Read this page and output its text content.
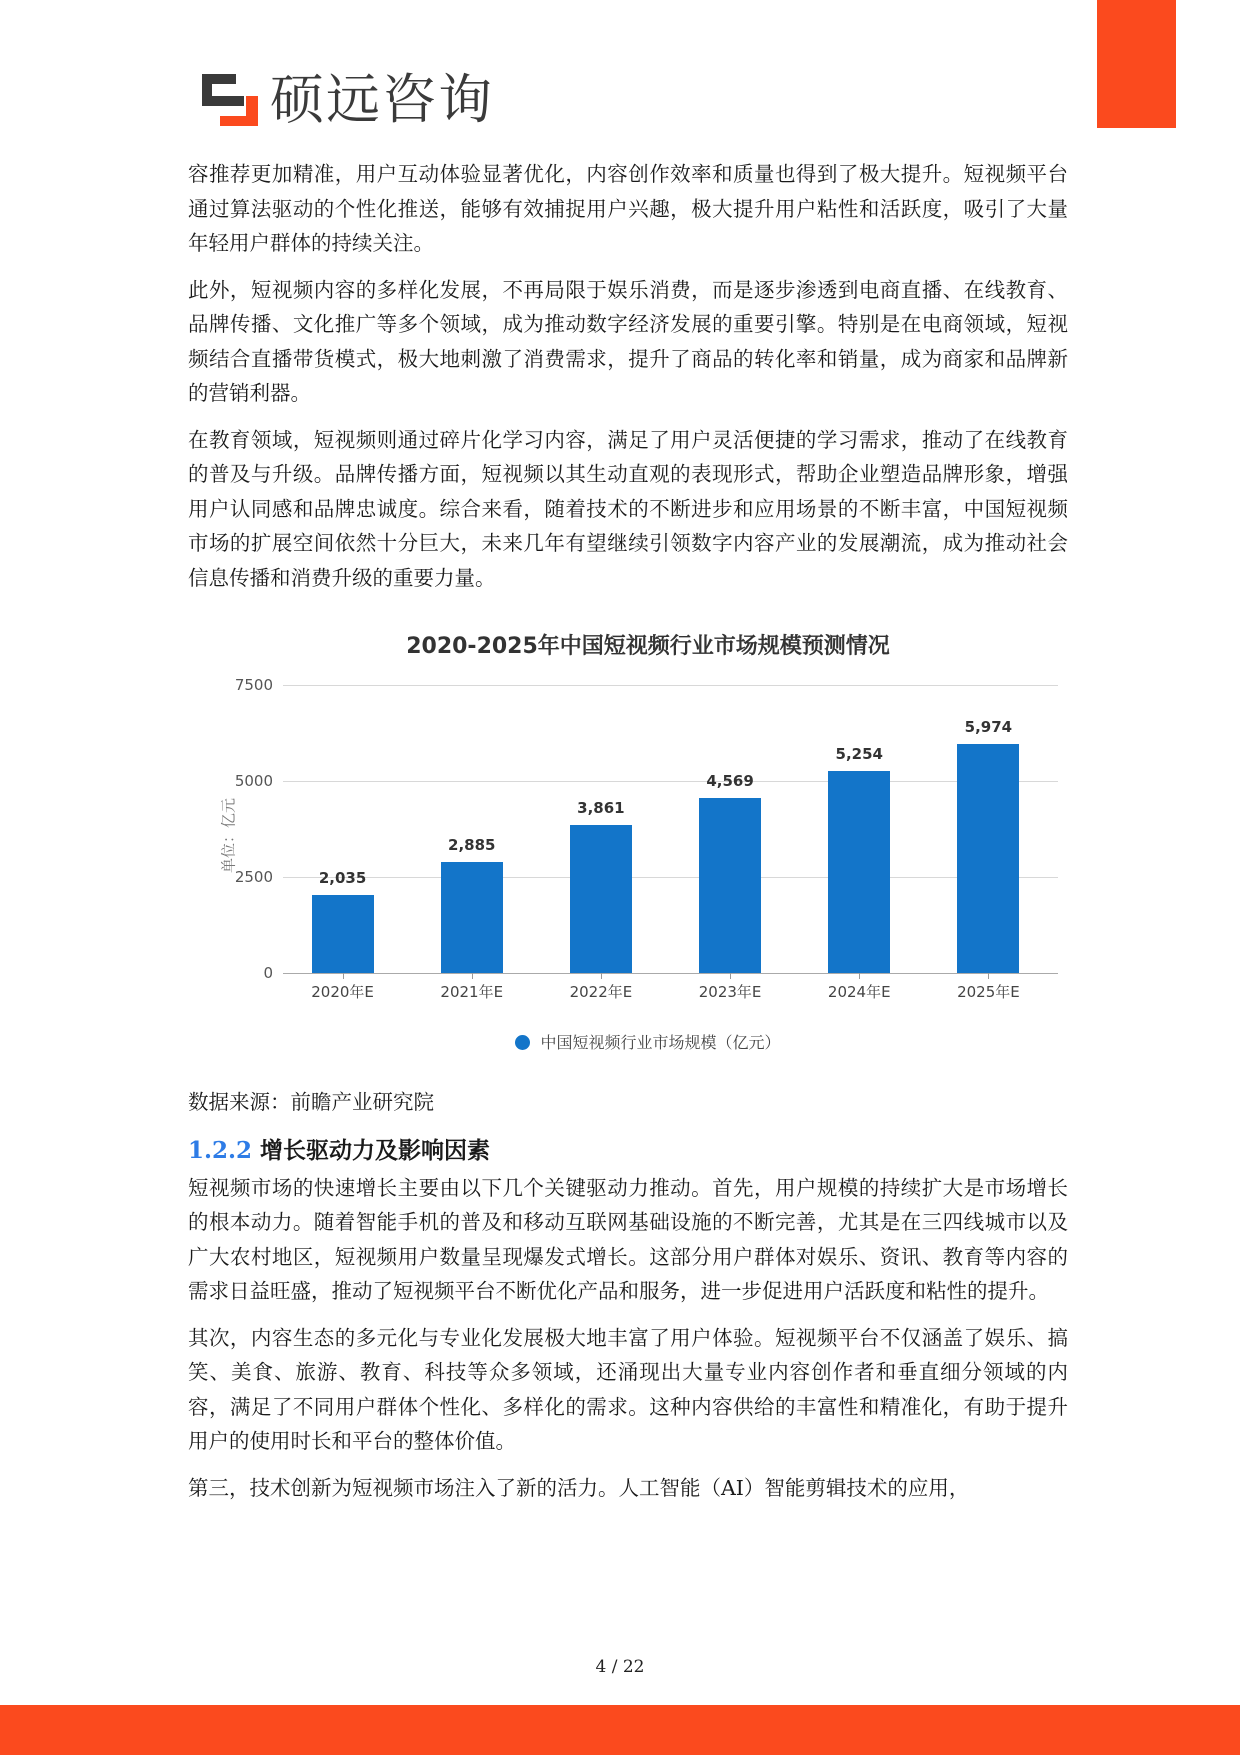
硕远咨询

容推荐更加精准，用户互动体验显著优化，内容创作效率和质量也得到了极大提升。短视频平台通过算法驱动的个性化推送，能够有效捕捉用户兴趣，极大提升用户粘性和活跃度，吸引了大量年轻用户群体的持续关注。

此外，短视频内容的多样化发展，不再局限于娱乐消费，而是逐步渗透到电商直播、在线教育、品牌传播、文化推广等多个领域，成为推动数字经济发展的重要引擎。特别是在电商领域，短视频结合直播带货模式，极大地刺激了消费需求，提升了商品的转化率和销量，成为商家和品牌新的营销利器。

在教育领域，短视频则通过碎片化学习内容，满足了用户灵活便捷的学习需求，推动了在线教育的普及与升级。品牌传播方面，短视频以其生动直观的表现形式，帮助企业塑造品牌形象，增强用户认同感和品牌忠诚度。综合来看，随着技术的不断进步和应用场景的不断丰富，中国短视频市场的扩展空间依然十分巨大，未来几年有望继续引领数字内容产业的发展潮流，成为推动社会信息传播和消费升级的重要力量。

2020-2025年中国短视频行业市场规模预测情况
单位：亿元
0
2500
5000
7500
2,035
2020年E
2,885
2021年E
3,861
2022年E
4,569
2023年E
5,254
2024年E
5,974
2025年E
中国短视频行业市场规模（亿元）

数据来源：前瞻产业研究院

1.2.2 增长驱动力及影响因素

短视频市场的快速增长主要由以下几个关键驱动力推动。首先，用户规模的持续扩大是市场增长的根本动力。随着智能手机的普及和移动互联网基础设施的不断完善，尤其是在三四线城市以及广大农村地区，短视频用户数量呈现爆发式增长。这部分用户群体对娱乐、资讯、教育等内容的需求日益旺盛，推动了短视频平台不断优化产品和服务，进一步促进用户活跃度和粘性的提升。

其次，内容生态的多元化与专业化发展极大地丰富了用户体验。短视频平台不仅涵盖了娱乐、搞笑、美食、旅游、教育、科技等众多领域，还涌现出大量专业内容创作者和垂直细分领域的内容，满足了不同用户群体个性化、多样化的需求。这种内容供给的丰富性和精准化，有助于提升用户的使用时长和平台的整体价值。

第三，技术创新为短视频市场注入了新的活力。人工智能（AI）智能剪辑技术的应用，

4 / 22
